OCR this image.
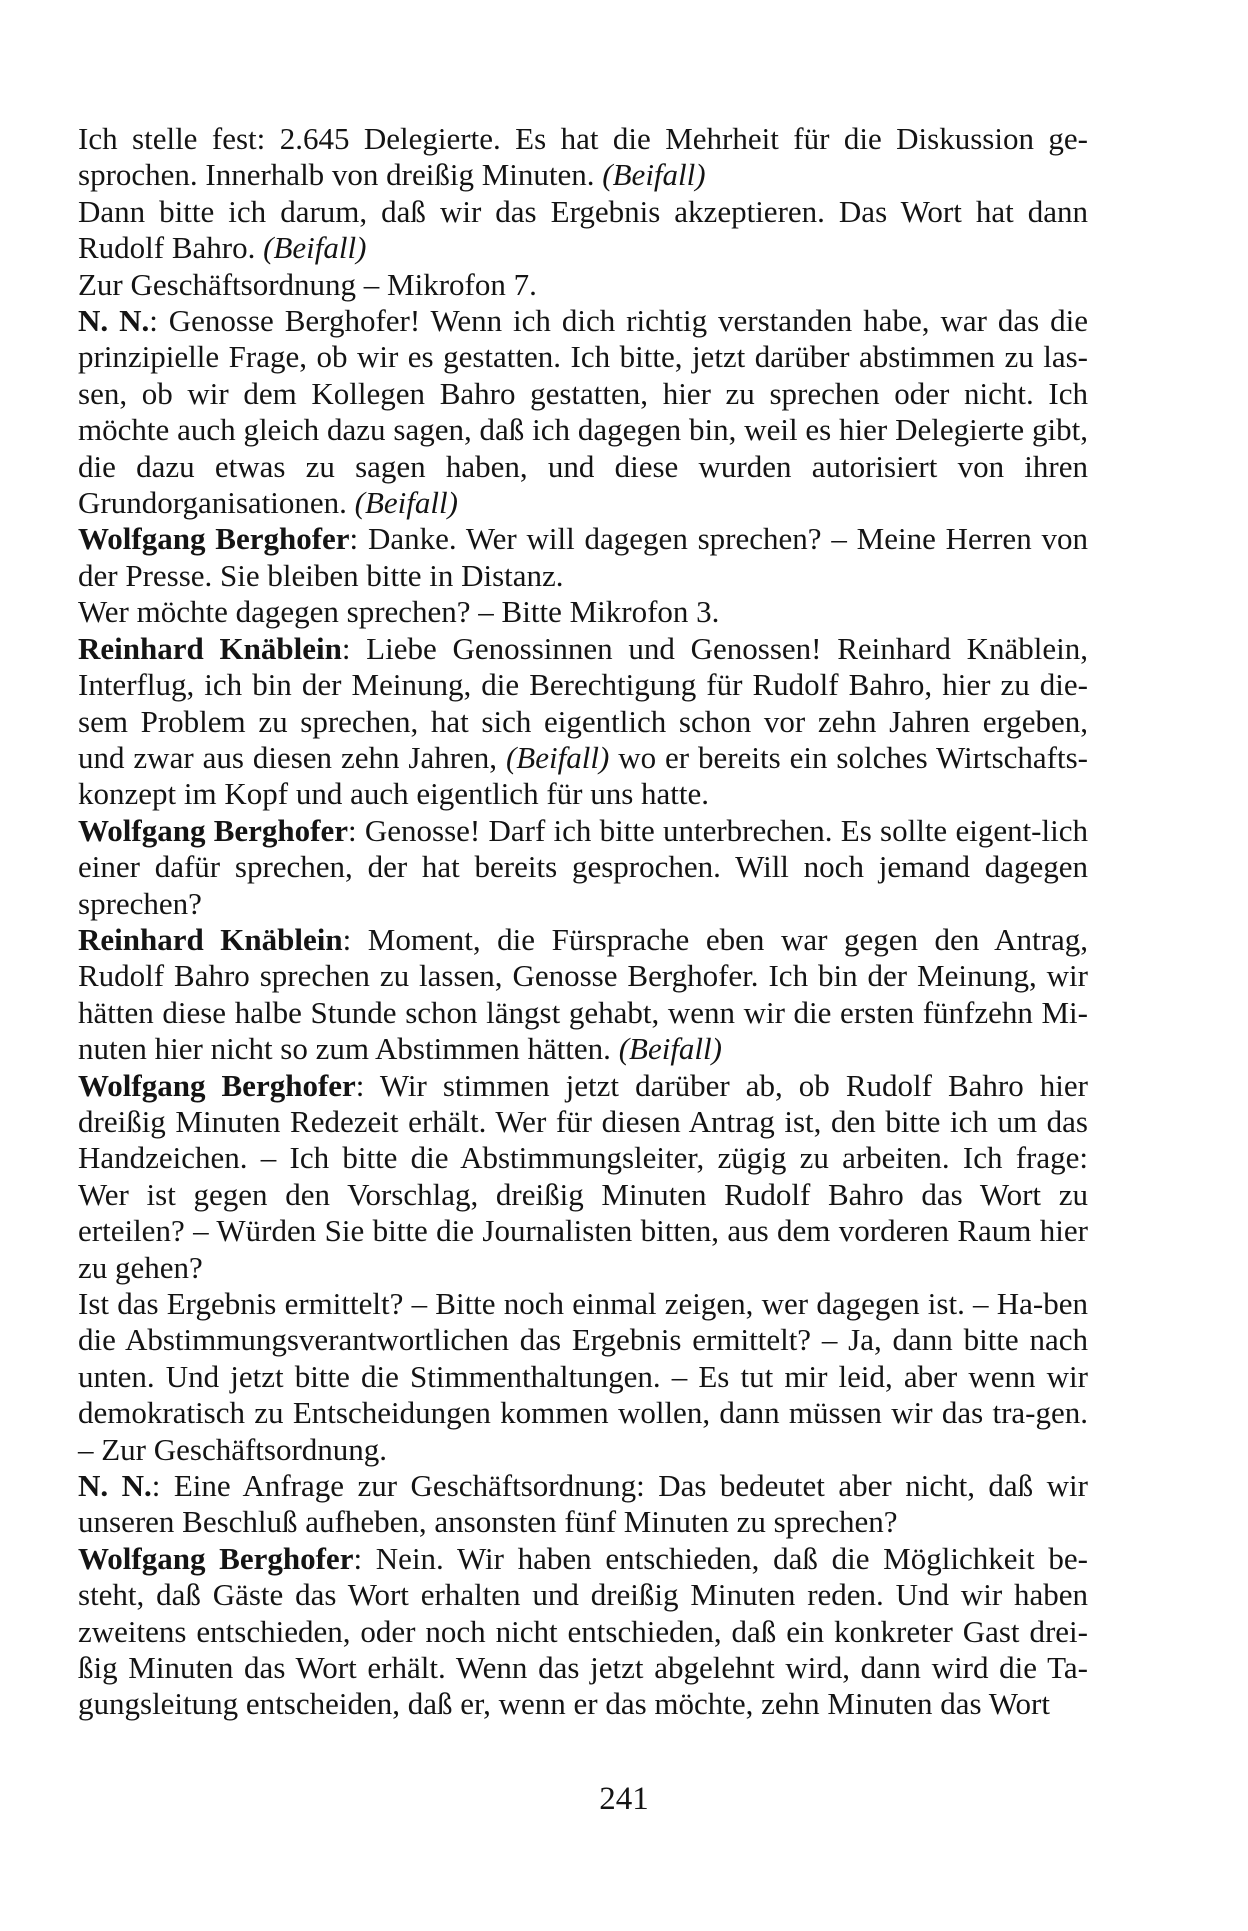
Ich stelle fest: 2.645 Delegierte. Es hat die Mehrheit für die Diskussion ge-sprochen. Innerhalb von dreißig Minuten. (Beifall)

Dann bitte ich darum, daß wir das Ergebnis akzeptieren. Das Wort hat dann Rudolf Bahro. (Beifall)

Zur Geschäftsordnung – Mikrofon 7.

N. N.: Genosse Berghofer! Wenn ich dich richtig verstanden habe, war das die prinzipielle Frage, ob wir es gestatten. Ich bitte, jetzt darüber abstimmen zu las-sen, ob wir dem Kollegen Bahro gestatten, hier zu sprechen oder nicht. Ich möchte auch gleich dazu sagen, daß ich dagegen bin, weil es hier Delegierte gibt, die dazu etwas zu sagen haben, und diese wurden autorisiert von ihren Grundorganisationen. (Beifall)

Wolfgang Berghofer: Danke. Wer will dagegen sprechen? – Meine Herren von der Presse. Sie bleiben bitte in Distanz.

Wer möchte dagegen sprechen? – Bitte Mikrofon 3.

Reinhard Knäblein: Liebe Genossinnen und Genossen! Reinhard Knäblein, Interflug, ich bin der Meinung, die Berechtigung für Rudolf Bahro, hier zu die-sem Problem zu sprechen, hat sich eigentlich schon vor zehn Jahren ergeben, und zwar aus diesen zehn Jahren, (Beifall) wo er bereits ein solches Wirtschafts-konzept im Kopf und auch eigentlich für uns hatte.

Wolfgang Berghofer: Genosse! Darf ich bitte unterbrechen. Es sollte eigent-lich einer dafür sprechen, der hat bereits gesprochen. Will noch jemand dagegen sprechen?

Reinhard Knäblein: Moment, die Fürsprache eben war gegen den Antrag, Rudolf Bahro sprechen zu lassen, Genosse Berghofer. Ich bin der Meinung, wir hätten diese halbe Stunde schon längst gehabt, wenn wir die ersten fünfzehn Mi-nuten hier nicht so zum Abstimmen hätten. (Beifall)

Wolfgang Berghofer: Wir stimmen jetzt darüber ab, ob Rudolf Bahro hier dreißig Minuten Redezeit erhält. Wer für diesen Antrag ist, den bitte ich um das Handzeichen. – Ich bitte die Abstimmungsleiter, zügig zu arbeiten. Ich frage: Wer ist gegen den Vorschlag, dreißig Minuten Rudolf Bahro das Wort zu erteilen? – Würden Sie bitte die Journalisten bitten, aus dem vorderen Raum hier zu gehen?

Ist das Ergebnis ermittelt? – Bitte noch einmal zeigen, wer dagegen ist. – Ha-ben die Abstimmungsverantwortlichen das Ergebnis ermittelt? – Ja, dann bitte nach unten. Und jetzt bitte die Stimmenthaltungen. – Es tut mir leid, aber wenn wir demokratisch zu Entscheidungen kommen wollen, dann müssen wir das tra-gen. – Zur Geschäftsordnung.

N. N.: Eine Anfrage zur Geschäftsordnung: Das bedeutet aber nicht, daß wir unseren Beschluß aufheben, ansonsten fünf Minuten zu sprechen?

Wolfgang Berghofer: Nein. Wir haben entschieden, daß die Möglichkeit be-steht, daß Gäste das Wort erhalten und dreißig Minuten reden. Und wir haben zweitens entschieden, oder noch nicht entschieden, daß ein konkreter Gast drei-ßig Minuten das Wort erhält. Wenn das jetzt abgelehnt wird, dann wird die Ta-gungsleitung entscheiden, daß er, wenn er das möchte, zehn Minuten das Wort

241
